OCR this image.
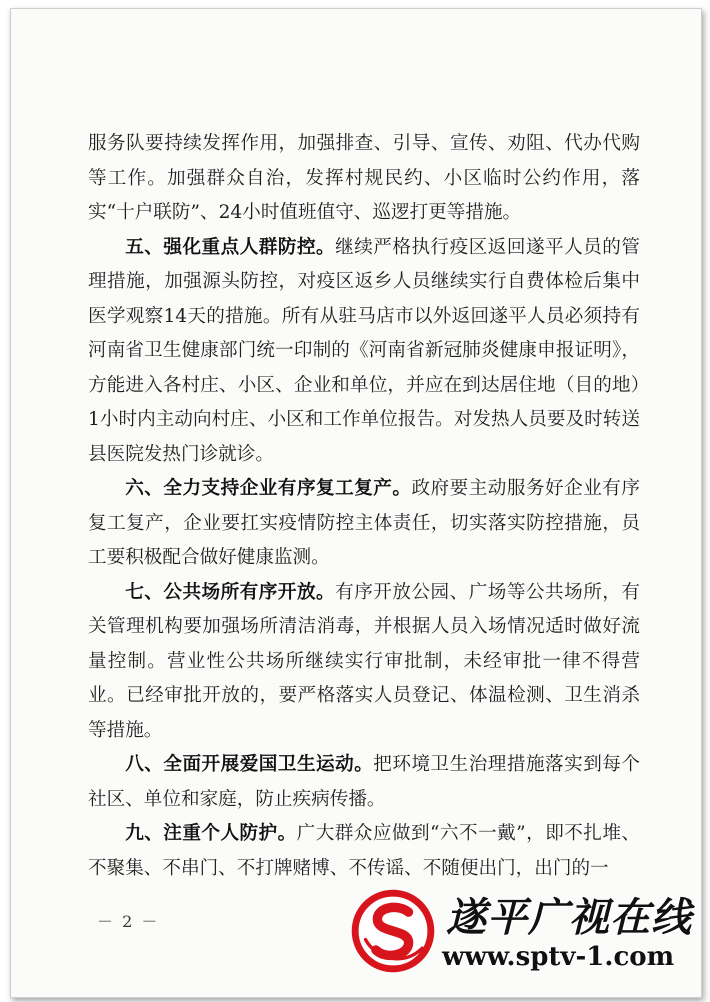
服务队要持续发挥作用，加强排查、引导、宣传、劝阻、代办代购等工作。加强群众自治，发挥村规民约、小区临时公约作用，落实“十户联防”、24小时值班值守、巡逻打更等措施。

五、强化重点人群防控。继续严格执行疫区返回遂平人员的管理措施，加强源头防控，对疫区返乡人员继续实行自费体检后集中医学观察14天的措施。所有从驻马店市以外返回遂平人员必须持有河南省卫生健康部门统一印制的《河南省新冠肺炎健康申报证明》，方能进入各村庄、小区、企业和单位，并应在到达居住地（目的地）1小时内主动向村庄、小区和工作单位报告。对发热人员要及时转送县医院发热门诊就诊。

六、全力支持企业有序复工复产。政府要主动服务好企业有序复工复产，企业要扛实疫情防控主体责任，切实落实防控措施，员工要积极配合做好健康监测。

七、公共场所有序开放。有序开放公园、广场等公共场所，有关管理机构要加强场所清洁消毒，并根据人员入场情况适时做好流量控制。营业性公共场所继续实行审批制，未经审批一律不得营业。已经审批开放的，要严格落实人员登记、体温检测、卫生消杀等措施。

八、全面开展爱国卫生运动。把环境卫生治理措施落实到每个社区、单位和家庭，防止疾病传播。

九、注重个人防护。广大群众应做到“六不一戴”，即不扎堆、不聚集、不串门、不打牌赌博、不传谣、不随便出门，出门的一

－ 2 －	遂平广视在线
www.sptv-1.com
